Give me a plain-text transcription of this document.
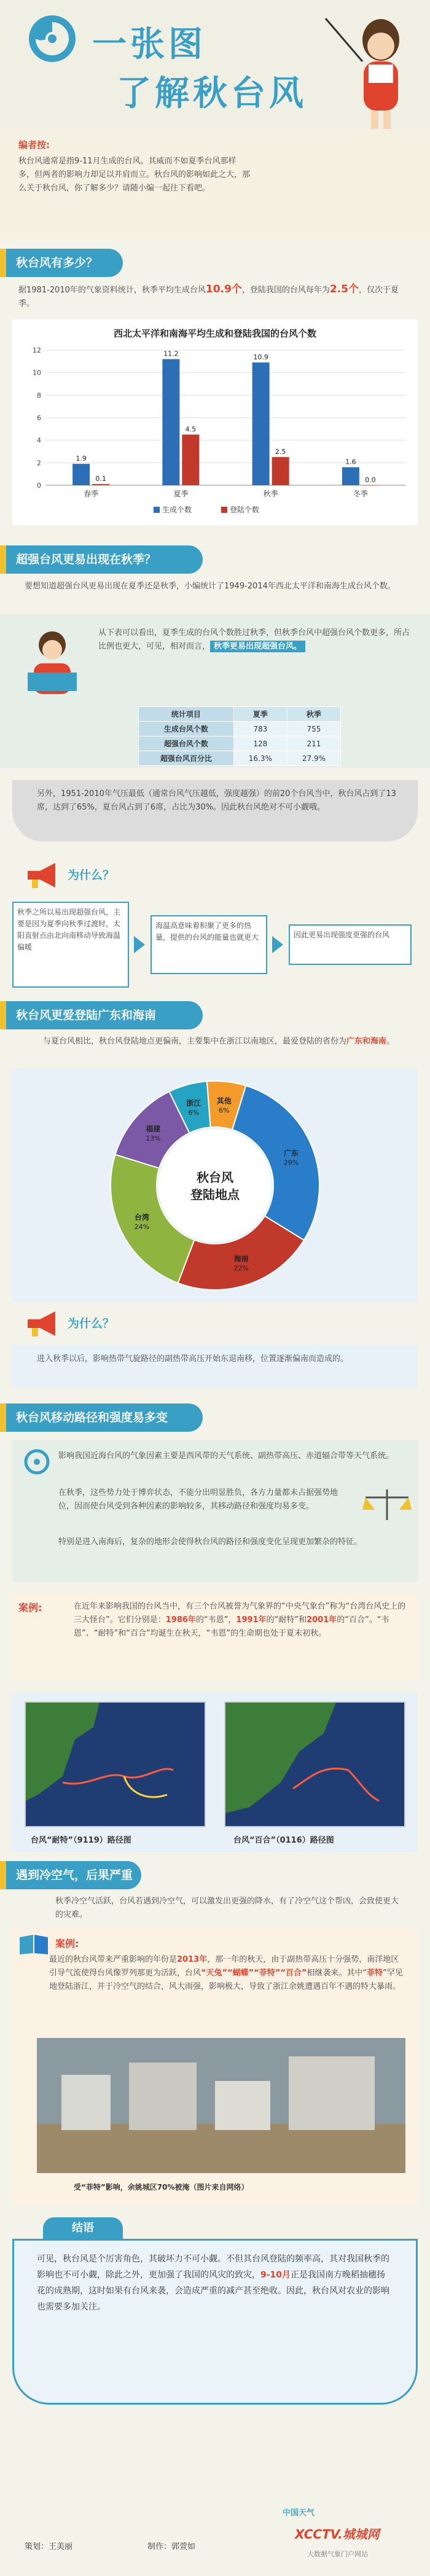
一张图
了解秋台风
编者按:
秋台风通常是指9-11月生成的台风。其威而不如夏季台风那样多，但两者的影响力却足以并肩而立。秋台风的影响如此之大，那么关于秋台风，你了解多少？请随小编一起往下看吧。
秋台风有多少？
据1981-2010年的气象资料统计，秋季平均生成台风10.9个，登陆我国的台风每年为2.5个，仅次于夏季。
西北太平洋和南海平均生成和登陆我国的台风个数
0
2
4
6
8
10
12
1.9
0.1
春季
11.2
4.5
夏季
10.9
2.5
秋季
1.6
0.0
冬季
生成个数	登陆个数
超强台风更易出现在秋季？
要想知道超强台风更易出现在夏季还是秋季，小编统计了1949-2014年西北太平洋和南海生成台风个数。
从下表可以看出，夏季生成的台风个数胜过秋季，但秋季台风中超强台风个数更多，所占比例也更大，可见，相对而言， 秋季更易出现超强台风。
统计项目	夏季	秋季
生成台风个数	783	755
超强台风个数	128	211
超强台风百分比	16.3%	27.9%
另外，1951-2010年气压最低（通常台风气压越低，强度越强）的前20个台风当中，秋台风占到了13席，达到了65%，夏台风占到了6席，占比为30%。因此秋台风绝对不可小觑哦。
为什么？
秋季之所以易出现超强台风，主要是因为夏季向秋季过渡时，太阳直射点由北向南移动导致海温偏暖
海温高意味着积聚了更多的热量，提供的台风的能量也就更大	因此更易出现强度更强的台风
秋台风更爱登陆广东和海南
与夏台风相比，秋台风登陆地点更偏南，主要集中在浙江以南地区，最爱登陆的省份为广东和海南。
广东
29%
海南
22%
台湾
24%
福建
13%
浙江
6%
其他
6%
秋台风
登陆地点
为什么？
进入秋季以后，影响热带气旋路径的副热带高压开始东退南移，位置逐渐偏南而造成的。
秋台风移动路径和强度易多变
影响我国近海台风的气象因素主要是西风带的天气系统、副热带高压、赤道辐合带等天气系统。
在秋季，这些势力处于博弈状态，不能分出明显胜负，各方力量都未占据强势地位，因而使台风受到各种因素的影响较多，其移动路径和强度均易多变。
特别是进入南海后，复杂的地形会使得秋台风的路径和强度变化呈现更加繁杂的特征。
案例:	在近年来影响我国的台风当中，有三个台风被誉为气象界的“中央气象台”称为“台湾台风史上的三大怪台”。它们分别是：1986年的“韦恩”，1991年的“耐特”和2001年的“百合”。“韦恩”、“耐特”和“百合”均诞生在秋天，“韦恩”的生命期也处于夏末初秋。
台风“耐特”（9119）路径图	台风“百合”（0116）路径图
遇到冷空气，后果严重
秋季冷空气活跃，台风若遇到冷空气，可以激发出更强的降水，有了冷空气这个帮凶，会致使更大的灾难。
案例:
最近的秋台风带来严重影响的年份是2013年，那一年的秋天，由于副热带高压十分强势，南洋地区引导气流使得台风像罗列那更为活跃，台风“天兔”“蝴蝶”“菲特”“百合”相继袭来。其中“菲特”罕见地登陆浙江，并于冷空气的结合，风大雨强，影响极大，导致了浙江余姚遭遇百年不遇的特大暴雨。
受“菲特”影响，余姚城区70%被淹（图片来自网络）
结语
可见，秋台风是个厉害角色，其破坏力不可小觑。不但其台风登陆的频率高，其对我国秋季的影响也不可小觑，除此之外，更加强了我国的风灾的致灾，9-10月正是我国南方晚稻抽穗扬花的成熟期，这时如果有台风来袭，会造成严重的减产甚至绝收。因此，秋台风对农业的影响也需要多加关注。
策划：王美丽	制作：郭萱如
中国天气
XCCTV.城城网
大数据气象门户网站
